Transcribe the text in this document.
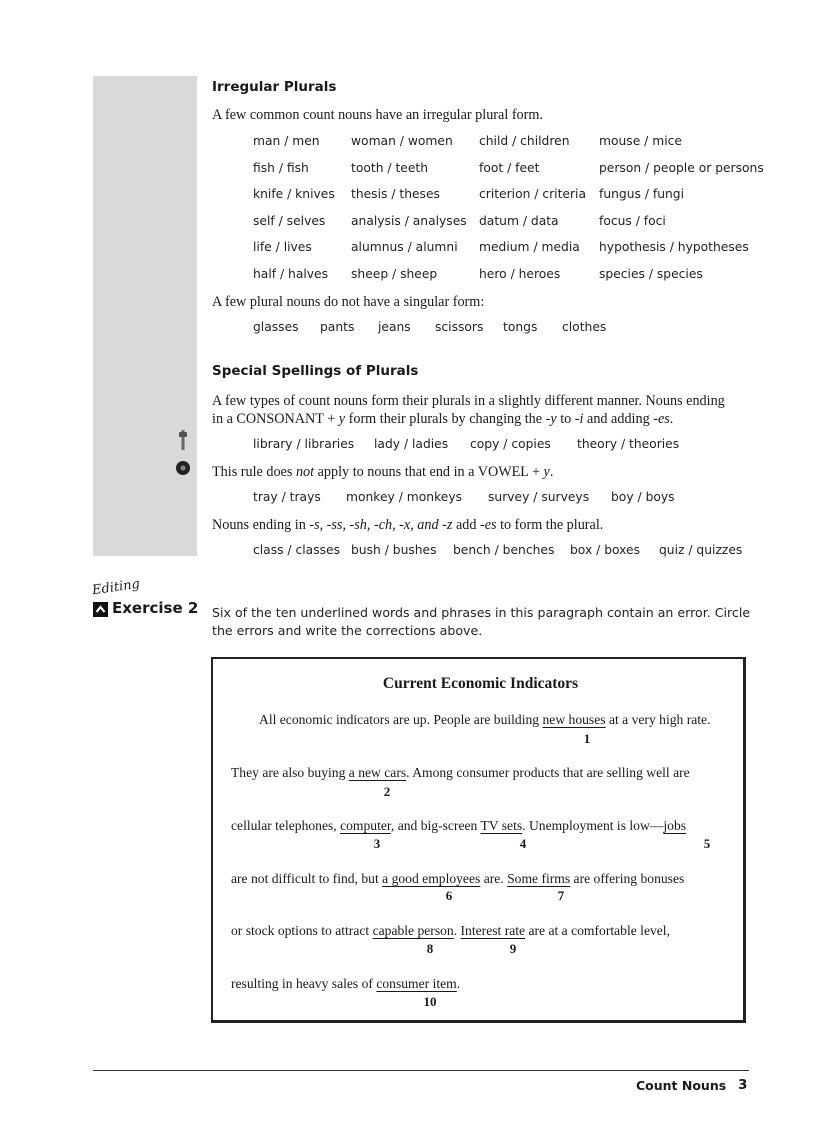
Irregular Plurals
A few common count nouns have an irregular plural form.
man / men	woman / women child / children mouse / mice
fish / fish	tooth / teeth	foot / feet	person / people or persons
knife / knives thesis / theses	criterion / criteria fungus / fungi
self / selves analysis / analyses datum / data	focus / foci
life / lives	alumnus / alumni medium / media hypothesis / hypotheses
half / halves sheep / sheep	hero / heroes	species / species
A few plural nouns do not have a singular form:
glasses pants jeans scissors tongs clothes
Special Spellings of Plurals
A few types of count nouns form their plurals in a slightly different manner. Nouns ending
in a CONSONANT + y form their plurals by changing the -y to -i and adding -es.
library / libraries lady / ladies copy / copies theory / theories
This rule does not apply to nouns that end in a VOWEL + y.
tray / trays monkey / monkeys survey / surveys boy / boys
Nouns ending in -s, -ss, -sh, -ch, -x, and -z add -es to form the plural.
class / classes bush / bushes bench / benches box / boxes quiz / quizzes
Editing
Exercise 2 Six of the ten underlined words and phrases in this paragraph contain an error. Circle the errors and write the corrections above.
Current Economic Indicators
All economic indicators are up. People are building new houses at a very high rate.
1
They are also buying a new cars. Among consumer products that are selling well are
2
cellular telephones, computer, and big-screen TV sets. Unemployment is low—jobs
3	4	5
are not difficult to find, but a good employees are. Some firms are offering bonuses
6	7
or stock options to attract capable person. Interest rate are at a comfortable level,
8	9
resulting in heavy sales of consumer item.
10
Count Nouns 3
